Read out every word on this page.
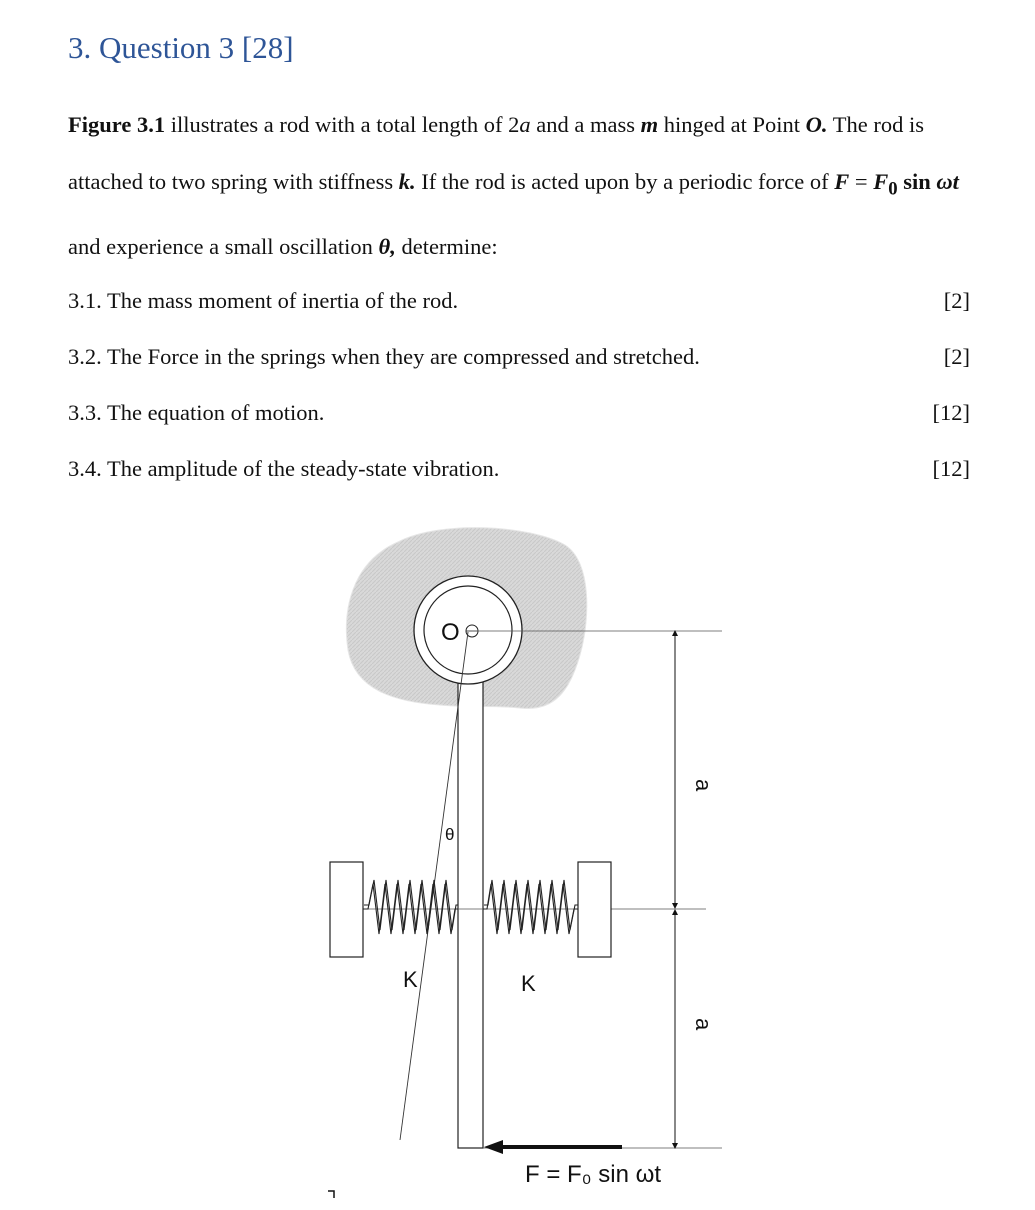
3. Question 3 [28]

Figure 3.1 illustrates a rod with a total length of 2a and a mass m hinged at Point O. The rod is attached to two spring with stiffness k. If the rod is acted upon by a periodic force of $F = F_0$ sin ωt and experience a small oscillation θ, determine:

3.1. The mass moment of inertia of the rod.	[2]
3.2. The Force in the springs when they are compressed and stretched.	[2]
3.3. The equation of motion.	[12]
3.4. The amplitude of the steady-state vibration.	[12]
O
θ
K	K
a
a
F = F₀ sin ωt
